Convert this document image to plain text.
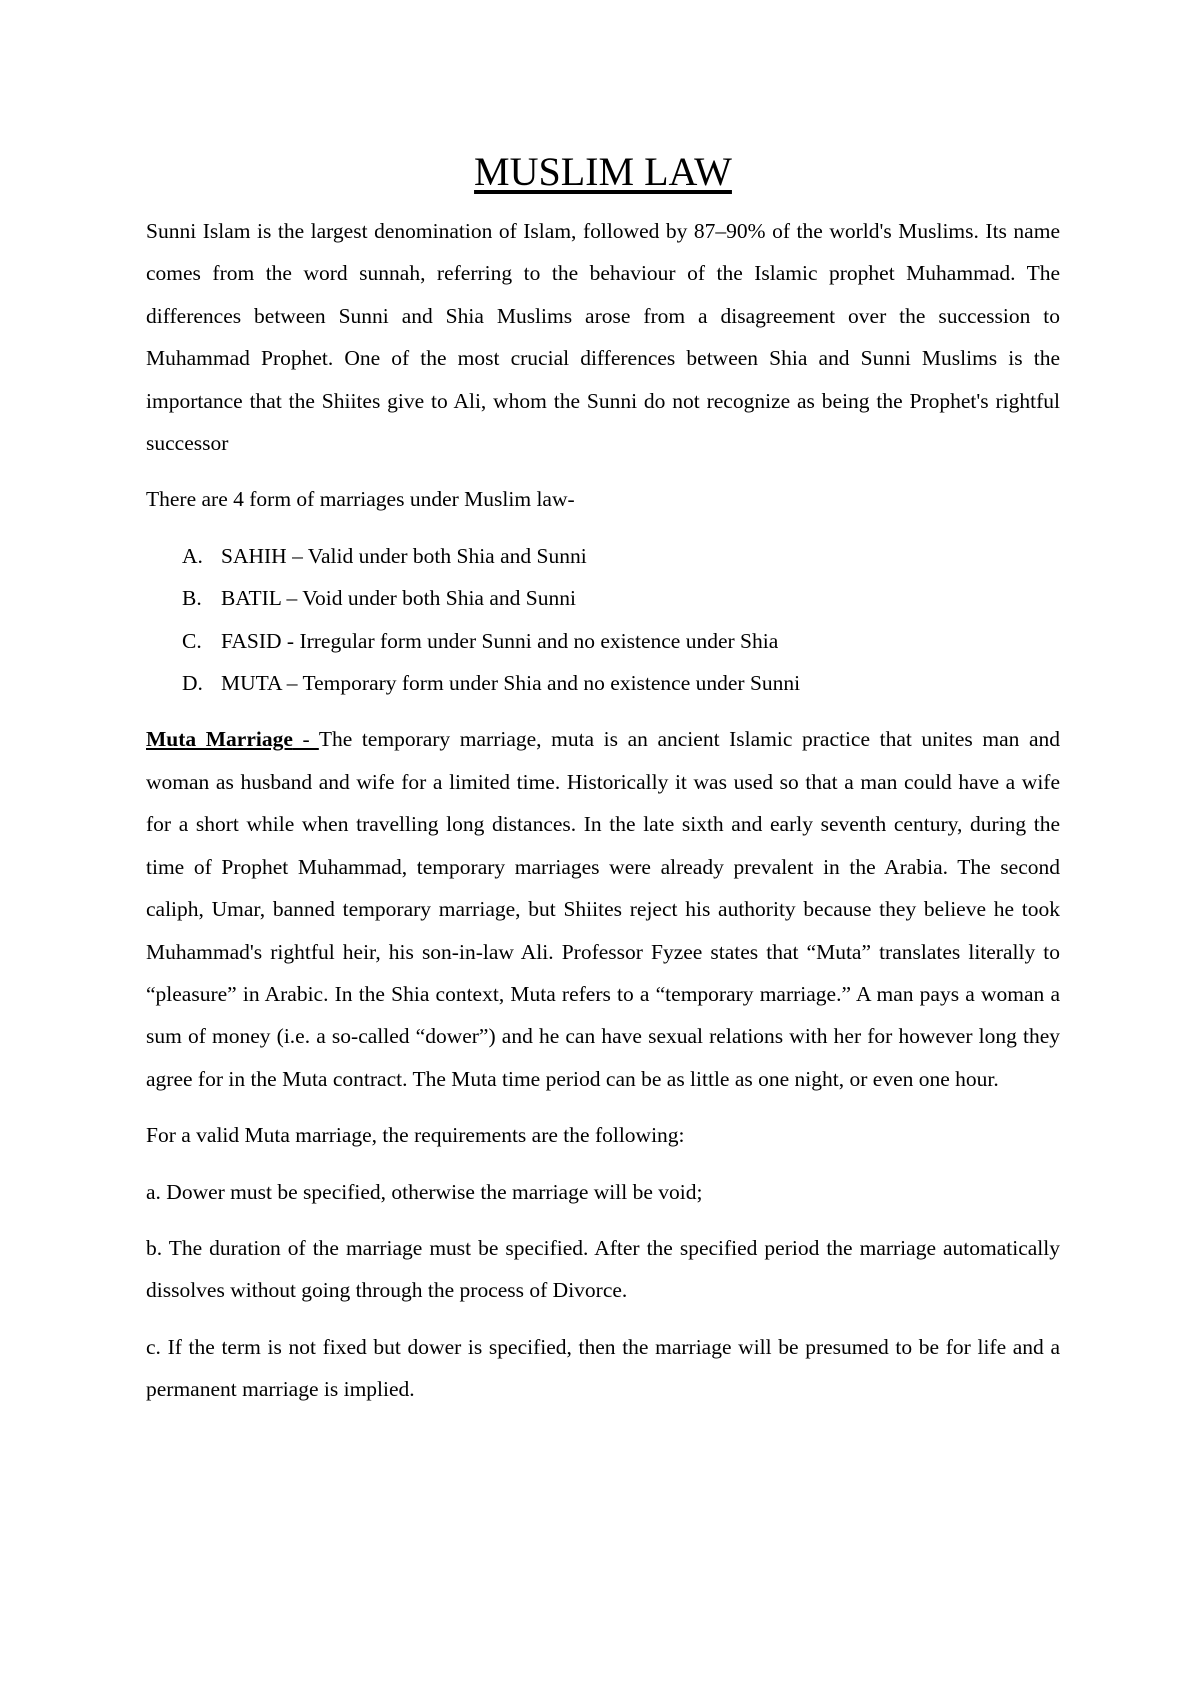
MUSLIM LAW

Sunni Islam is the largest denomination of Islam, followed by 87–90% of the world's Muslims. Its name comes from the word sunnah, referring to the behaviour of the Islamic prophet Muhammad. The differences between Sunni and Shia Muslims arose from a disagreement over the succession to Muhammad Prophet. One of the most crucial differences between Shia and Sunni Muslims is the importance that the Shiites give to Ali, whom the Sunni do not recognize as being the Prophet's rightful successor

There are 4 form of marriages under Muslim law-

A. SAHIH – Valid under both Shia and Sunni
B. BATIL – Void under both Shia and Sunni
C. FASID - Irregular form under Sunni and no existence under Shia
D. MUTA – Temporary form under Shia and no existence under Sunni

Muta Marriage - The temporary marriage, muta is an ancient Islamic practice that unites man and woman as husband and wife for a limited time. Historically it was used so that a man could have a wife for a short while when travelling long distances. In the late sixth and early seventh century, during the time of Prophet Muhammad, temporary marriages were already prevalent in the Arabia. The second caliph, Umar, banned temporary marriage, but Shiites reject his authority because they believe he took Muhammad's rightful heir, his son-in-law Ali. Professor Fyzee states that “Muta” translates literally to “pleasure” in Arabic. In the Shia context, Muta refers to a “temporary marriage.” A man pays a woman a sum of money (i.e. a so-called “dower”) and he can have sexual relations with her for however long they agree for in the Muta contract. The Muta time period can be as little as one night, or even one hour.

For a valid Muta marriage, the requirements are the following:

a. Dower must be specified, otherwise the marriage will be void;

b. The duration of the marriage must be specified. After the specified period the marriage automatically dissolves without going through the process of Divorce.

c. If the term is not fixed but dower is specified, then the marriage will be presumed to be for life and a permanent marriage is implied.
